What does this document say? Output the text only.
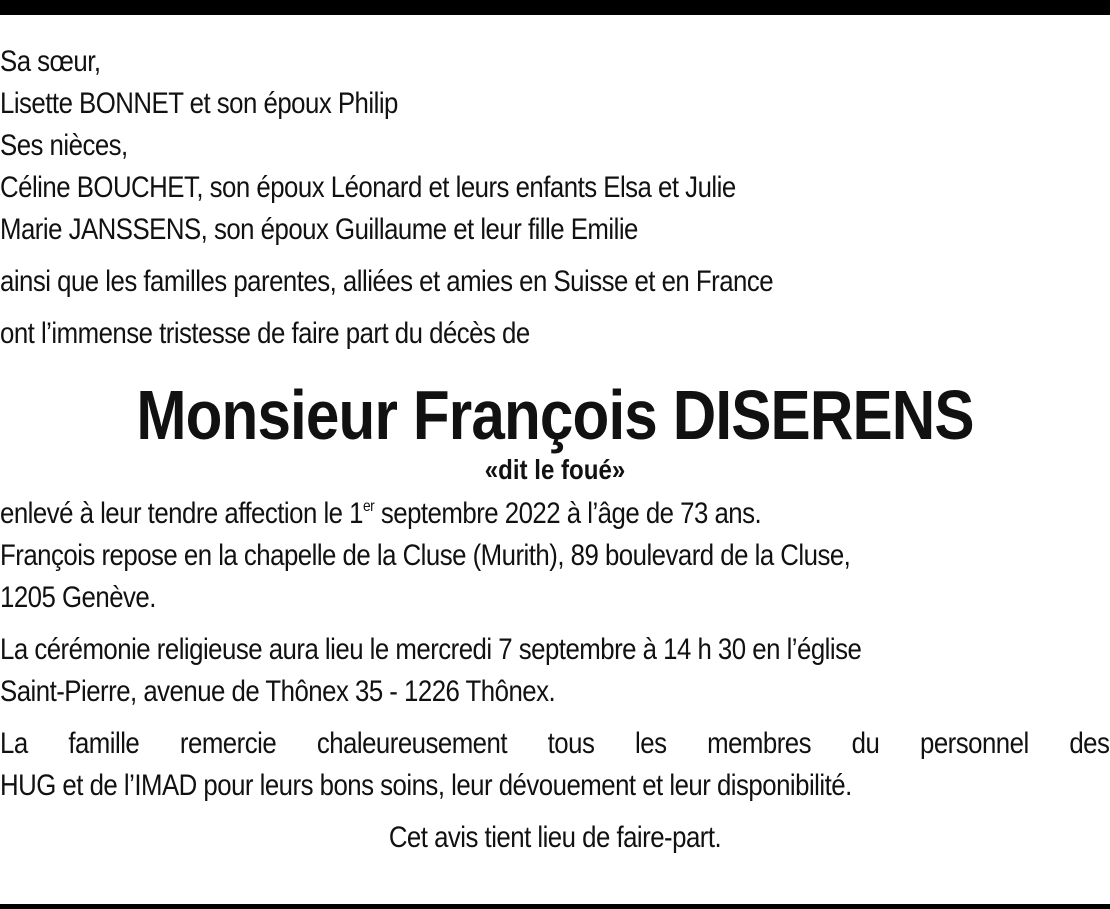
Sa sœur,
Lisette BONNET et son époux Philip
Ses nièces,
Céline BOUCHET, son époux Léonard et leurs enfants Elsa et Julie
Marie JANSSENS, son époux Guillaume et leur fille Emilie
ainsi que les familles parentes, alliées et amies en Suisse et en France
ont l’immense tristesse de faire part du décès de
Monsieur François DISERENS
«dit le foué»
enlevé à leur tendre affection le 1er septembre 2022 à l’âge de 73 ans.
François repose en la chapelle de la Cluse (Murith), 89 boulevard de la Cluse,
1205 Genève.
La cérémonie religieuse aura lieu le mercredi 7 septembre à 14 h 30 en l’église
Saint-Pierre, avenue de Thônex 35 - 1226 Thônex.
La famille remercie chaleureusement tous les membres du personnel des
HUG et de l’IMAD pour leurs bons soins, leur dévouement et leur disponibilité.
Cet avis tient lieu de faire-part.
